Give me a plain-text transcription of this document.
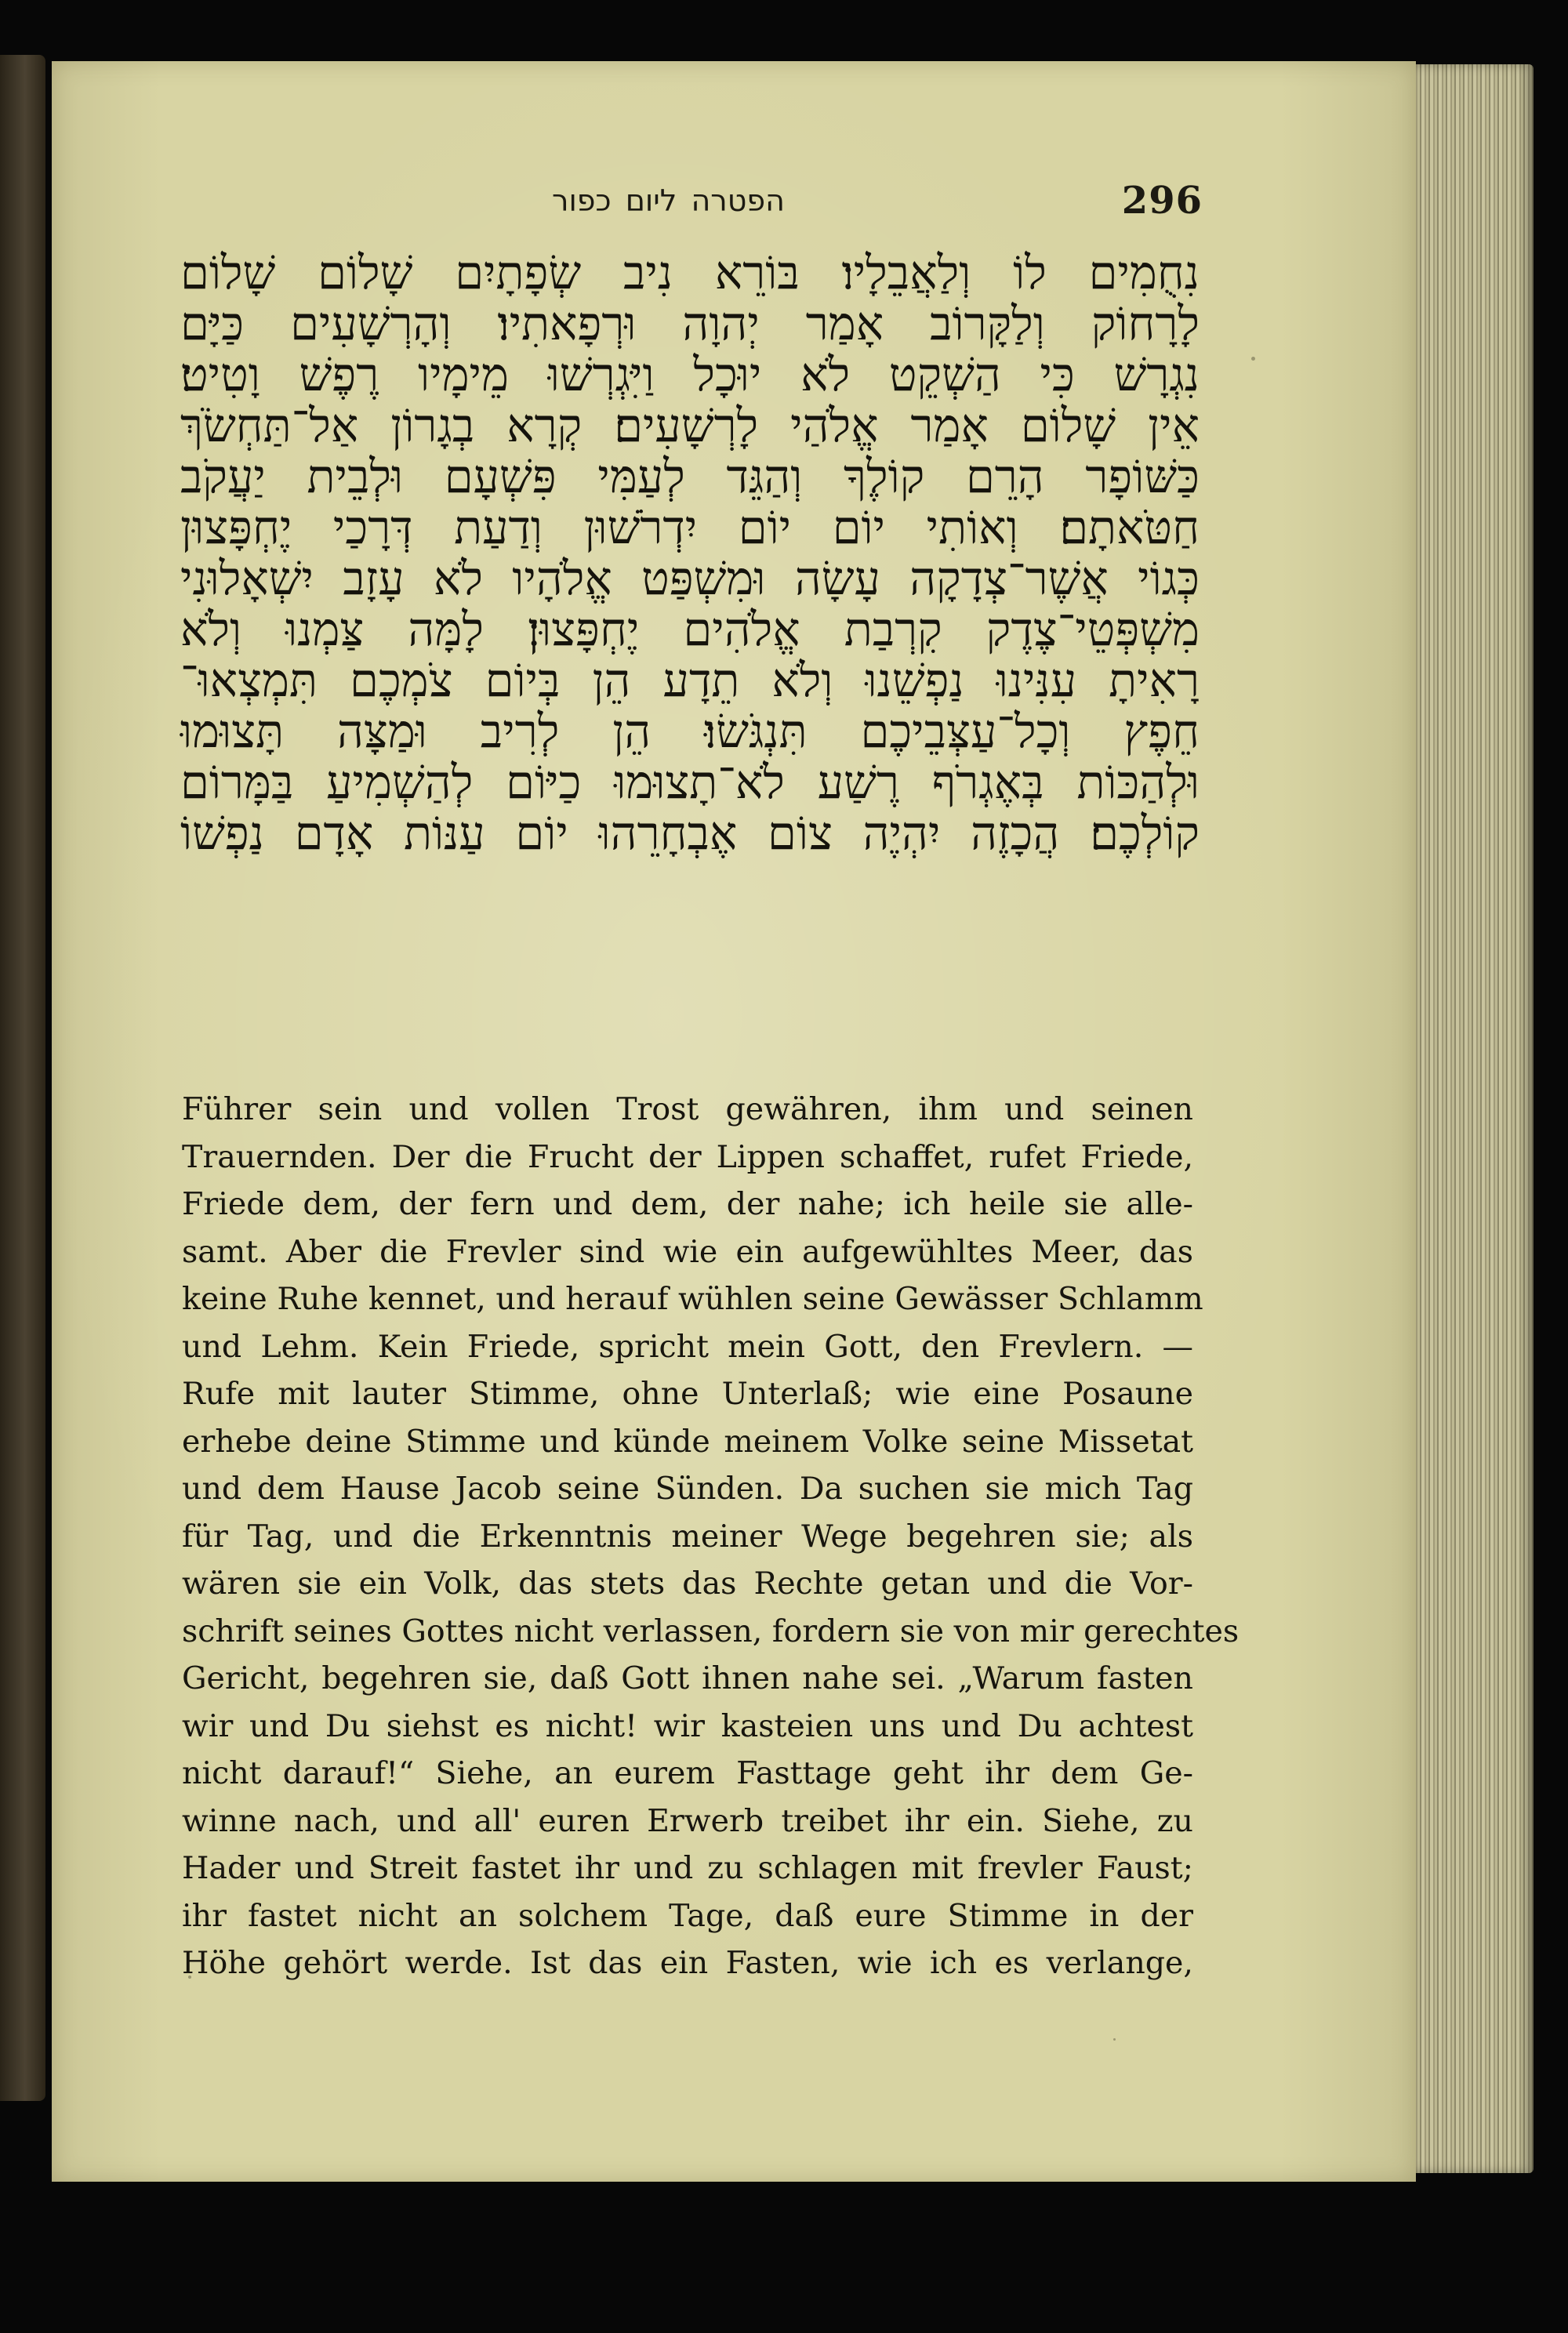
הפטרה ליום כפור	296
נִחֻמִים לוֹ וְלַאֲבֵלָיו׃ בּוֹרֵא נִיב שְׂפָתָיִם שָׁלוֹם שָׁלוֹם
לָרָחוֹק וְלַקָּרוֹב אָמַר יְהוָה וּרְפָאתִיו׃ וְהָרְשָׁעִים כַּיָּם
נִגְרָשׁ כִּי הַשְׁקֵט לֹא יוּכָל וַיִּגְרְשׁוּ מֵימָיו רֶפֶשׁ וָטִיט׃
אֵין שָׁלוֹם אָמַר אֱלֹהַי לָרְשָׁעִים׃ קְרָא בְגָרוֹן אַל־תַּחְשֹׂךְ
כַּשּׁוֹפָר הָרֵם קוֹלֶךָ וְהַגֵּד לְעַמִּי פִּשְׁעָם וּלְבֵית יַעֲקֹב
חַטֹּאתָם׃ וְאוֹתִי יוֹם יוֹם יִדְרֹשׁוּן וְדַעַת דְּרָכַי יֶחְפָּצוּן
כְּגוֹי אֲשֶׁר־צְדָקָה עָשָׂה וּמִשְׁפַּט אֱלֹהָיו לֹא עָזָב יִשְׁאָלוּנִי
מִשְׁפְּטֵי־צֶדֶק קִרְבַת אֱלֹהִים יֶחְפָּצוּן׃ לָמָּה צַּמְנוּ וְלֹא
רָאִיתָ עִנִּינוּ נַפְשֵׁנוּ וְלֹא תֵדָע הֵן בְּיוֹם צֹמְכֶם תִּמְצְאוּ־
חֵפֶץ וְכָל־עַצְּבֵיכֶם תִּנְגֹּשׂוּ׃ הֵן לְרִיב וּמַצָּה תָּצוּמוּ
וּלְהַכּוֹת בְּאֶגְרֹף רֶשַׁע לֹא־תָצוּמוּ כַיּוֹם לְהַשְׁמִיעַ בַּמָּרוֹם
קוֹלְכֶם׃ הֲכָזֶה יִהְיֶה צוֹם אֶבְחָרֵהוּ יוֹם עַנּוֹת אָדָם נַפְשׁוֹ
Führer sein und vollen Trost gewähren, ihm und seinen
Trauernden. Der die Frucht der Lippen schaffet, rufet Friede,
Friede dem, der fern und dem, der nahe; ich heile sie alle-
samt. Aber die Frevler sind wie ein aufgewühltes Meer, das
keine Ruhe kennet, und herauf wühlen seine Gewässer Schlamm
und Lehm. Kein Friede, spricht mein Gott, den Frevlern. —
Rufe mit lauter Stimme, ohne Unterlaß; wie eine Posaune
erhebe deine Stimme und künde meinem Volke seine Missetat
und dem Hause Jacob seine Sünden. Da suchen sie mich Tag
für Tag, und die Erkenntnis meiner Wege begehren sie; als
wären sie ein Volk, das stets das Rechte getan und die Vor-
schrift seines Gottes nicht verlassen, fordern sie von mir gerechtes
Gericht, begehren sie, daß Gott ihnen nahe sei. „Warum fasten
wir und Du siehst es nicht! wir kasteien uns und Du achtest
nicht darauf!“ Siehe, an eurem Fasttage geht ihr dem Ge-
winne nach, und all' euren Erwerb treibet ihr ein. Siehe, zu
Hader und Streit fastet ihr und zu schlagen mit frevler Faust;
ihr fastet nicht an solchem Tage, daß eure Stimme in der
Höhe gehört werde. Ist das ein Fasten, wie ich es verlange,
